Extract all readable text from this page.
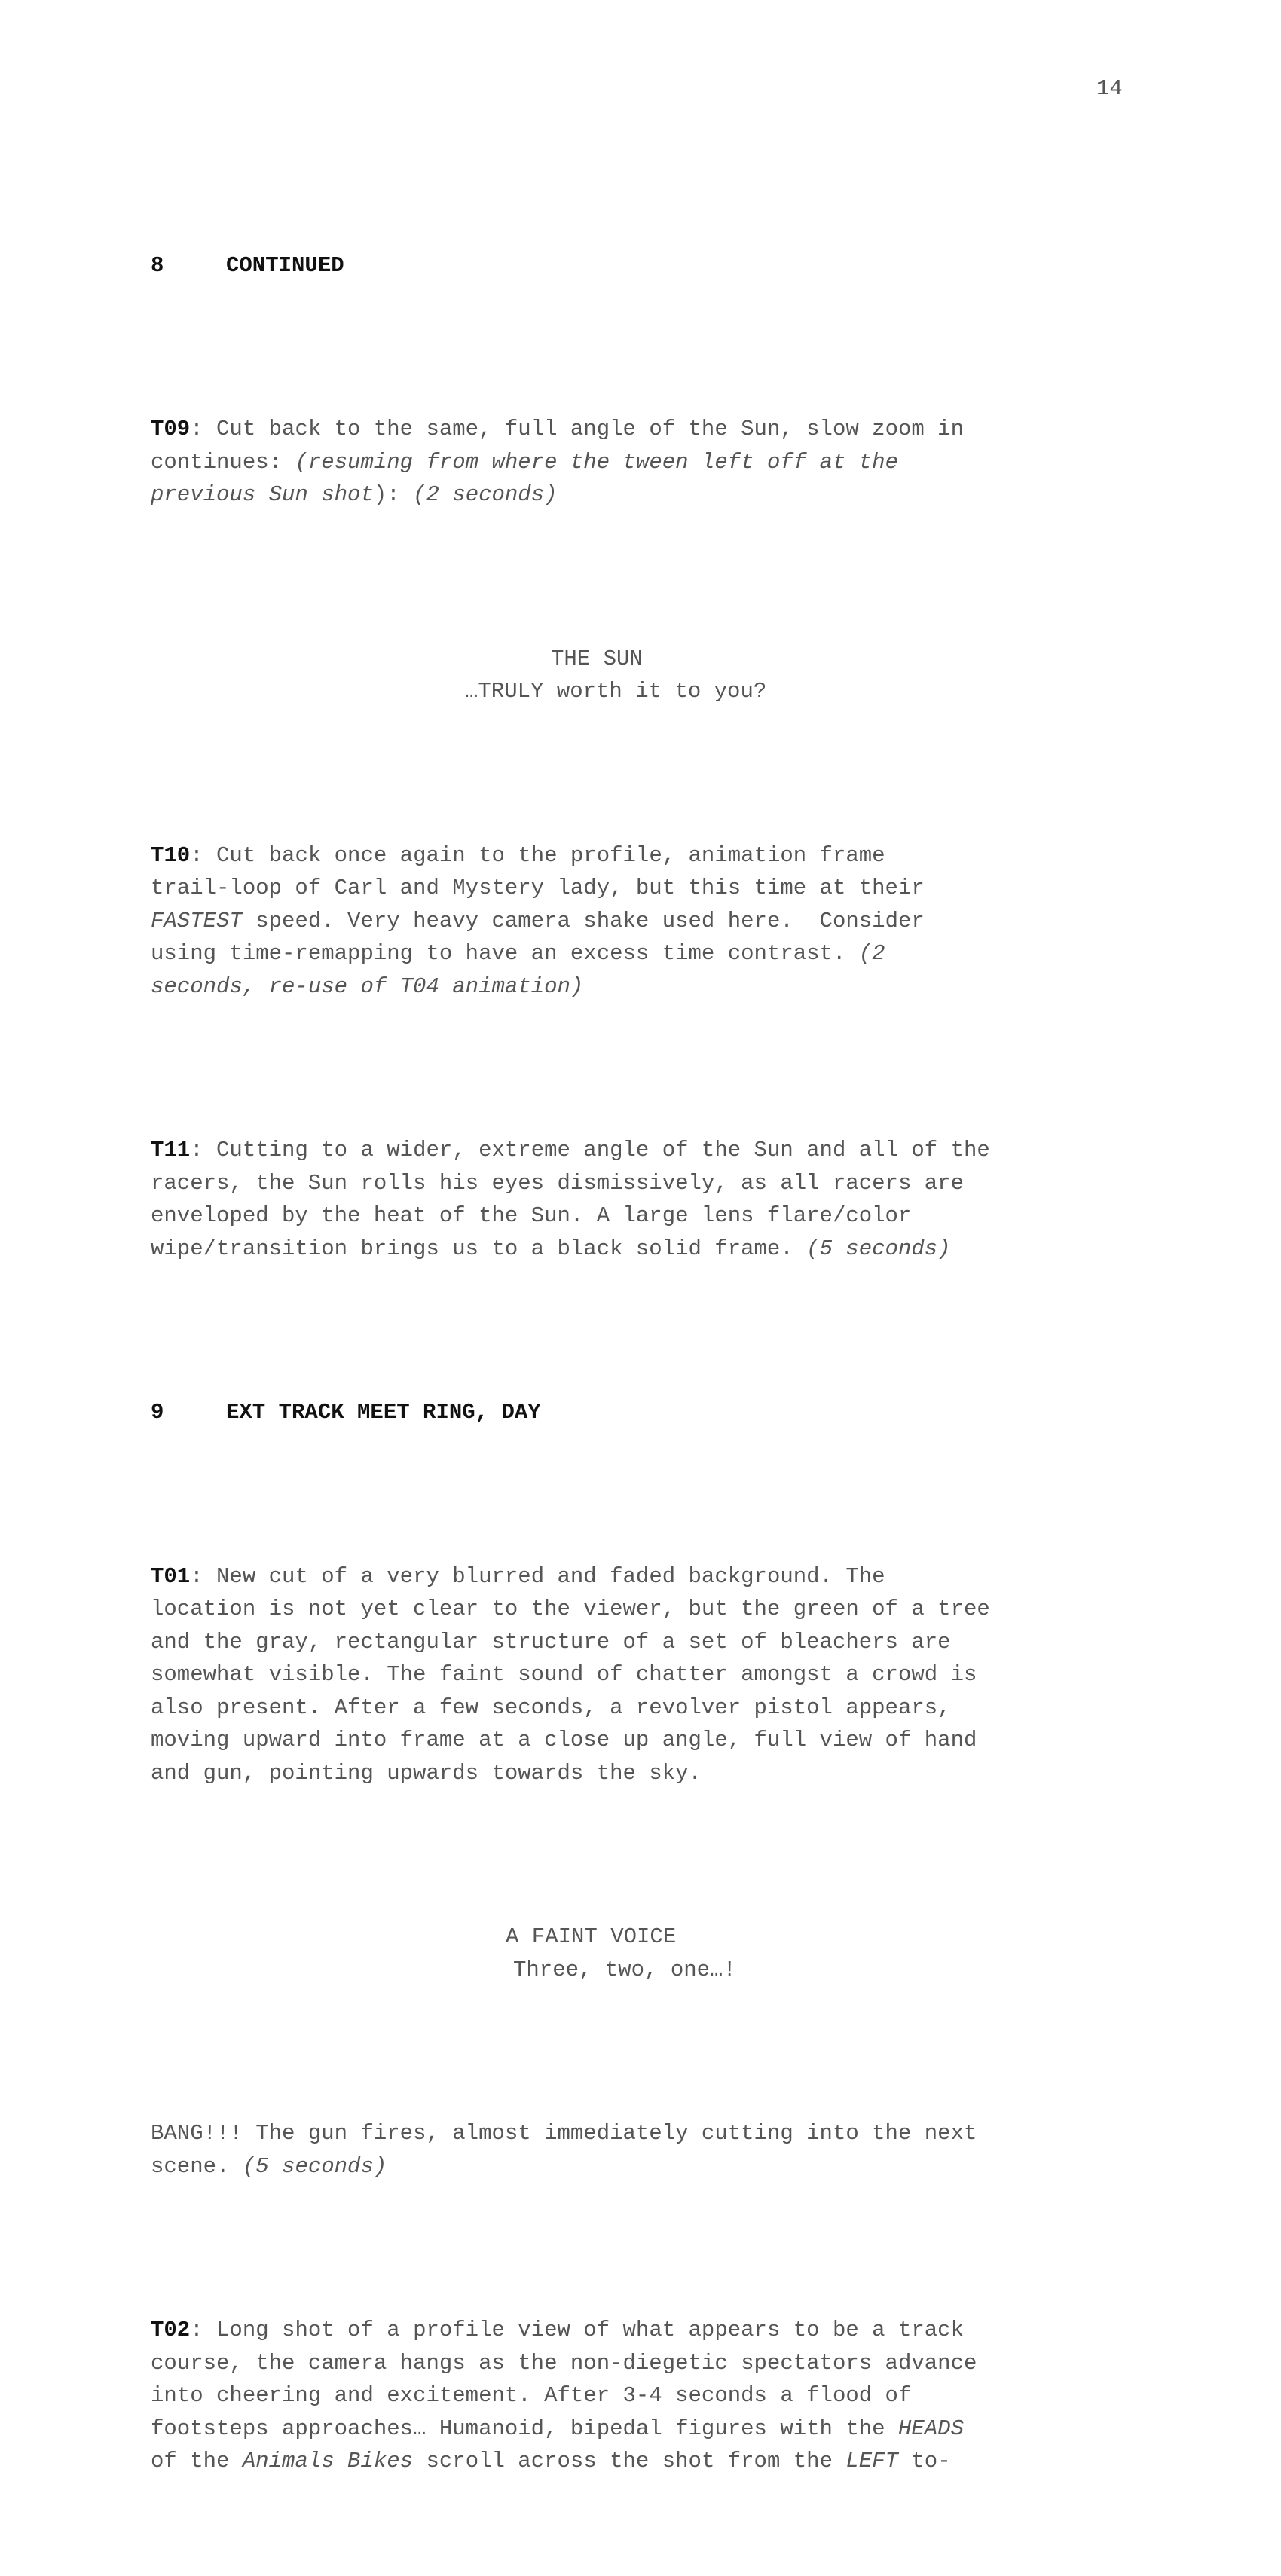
14

8	CONTINUED

T09: Cut back to the same, full angle of the Sun, slow zoom in
continues: (resuming from where the tween left off at the
previous Sun shot): (2 seconds)

THE SUN
…TRULY worth it to you?

T10: Cut back once again to the profile, animation frame
trail-loop of Carl and Mystery lady, but this time at their
FASTEST speed. Very heavy camera shake used here.  Consider
using time-remapping to have an excess time contrast. (2
seconds, re-use of T04 animation)

T11: Cutting to a wider, extreme angle of the Sun and all of the
racers, the Sun rolls his eyes dismissively, as all racers are
enveloped by the heat of the Sun. A large lens flare/color
wipe/transition brings us to a black solid frame. (5 seconds)

9	EXT TRACK MEET RING, DAY

T01: New cut of a very blurred and faded background. The
location is not yet clear to the viewer, but the green of a tree
and the gray, rectangular structure of a set of bleachers are
somewhat visible. The faint sound of chatter amongst a crowd is
also present. After a few seconds, a revolver pistol appears,
moving upward into frame at a close up angle, full view of hand
and gun, pointing upwards towards the sky.

A FAINT VOICE
Three, two, one…!

BANG!!! The gun fires, almost immediately cutting into the next
scene. (5 seconds)

T02: Long shot of a profile view of what appears to be a track
course, the camera hangs as the non-diegetic spectators advance
into cheering and excitement. After 3-4 seconds a flood of
footsteps approaches… Humanoid, bipedal figures with the HEADS
of the Animals Bikes scroll across the shot from the LEFT to-
